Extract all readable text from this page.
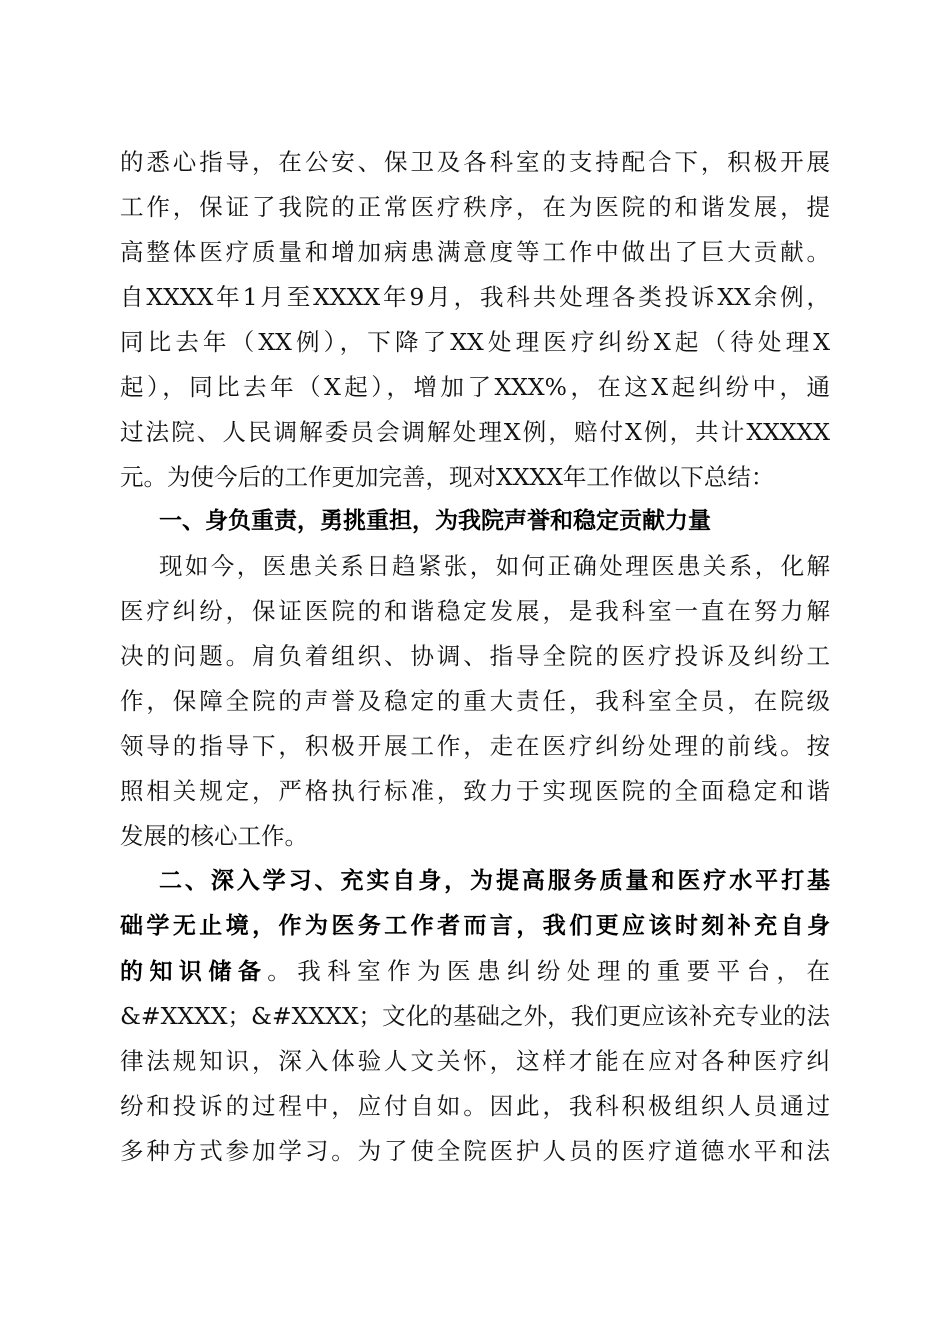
的悉心指导，在公安、保卫及各科室的支持配合下，积极开展
工作，保证了我院的正常医疗秩序，在为医院的和谐发展，提
高整体医疗质量和增加病患满意度等工作中做出了巨大贡献。
自XXXX年1月至XXXX年9月，我科共处理各类投诉XX余例，
同比去年（XX例），下降了XX处理医疗纠纷X起（待处理X
起），同比去年（X起），增加了XXX%，在这X起纠纷中，通
过法院、人民调解委员会调解处理X例，赔付X例，共计XXXXX
元。为使今后的工作更加完善，现对XXXX年工作做以下总结：
一、身负重责，勇挑重担，为我院声誉和稳定贡献力量
现如今，医患关系日趋紧张，如何正确处理医患关系，化解
医疗纠纷，保证医院的和谐稳定发展，是我科室一直在努力解
决的问题。肩负着组织、协调、指导全院的医疗投诉及纠纷工
作，保障全院的声誉及稳定的重大责任，我科室全员，在院级
领导的指导下，积极开展工作，走在医疗纠纷处理的前线。按
照相关规定，严格执行标准，致力于实现医院的全面稳定和谐
发展的核心工作。
二、深入学习、充实自身，为提高服务质量和医疗水平打基
础学无止境，作为医务工作者而言，我们更应该时刻补充自身
的知识储备。我科室作为医患纠纷处理的重要平台，在
&#XXXX；&#XXXX；文化的基础之外，我们更应该补充专业的法
律法规知识，深入体验人文关怀，这样才能在应对各种医疗纠
纷和投诉的过程中，应付自如。因此，我科积极组织人员通过
多种方式参加学习。为了使全院医护人员的医疗道德水平和法
